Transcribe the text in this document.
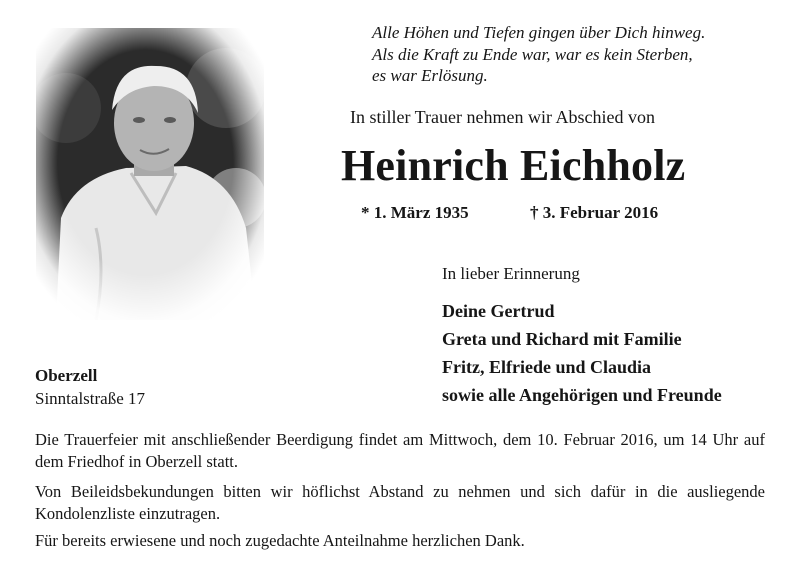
Alle Höhen und Tiefen gingen über Dich hinweg.
Als die Kraft zu Ende war, war es kein Sterben,
es war Erlösung.
In stiller Trauer nehmen wir Abschied von
Heinrich Eichholz
* 1. März 1935	† 3. Februar 2016
In lieber Erinnerung
Deine Gertrud
Greta und Richard mit Familie
Fritz, Elfriede und Claudia
sowie alle Angehörigen und Freunde
Oberzell
Sinntalstraße 17
Die Trauerfeier mit anschließender Beerdigung findet am Mittwoch, dem 10. Februar 2016, um 14 Uhr auf dem Friedhof in Oberzell statt.
Von Beileidsbekundungen bitten wir höflichst Abstand zu nehmen und sich dafür in die ausliegende Kondolenzliste einzutragen.
Für bereits erwiesene und noch zugedachte Anteilnahme herzlichen Dank.
